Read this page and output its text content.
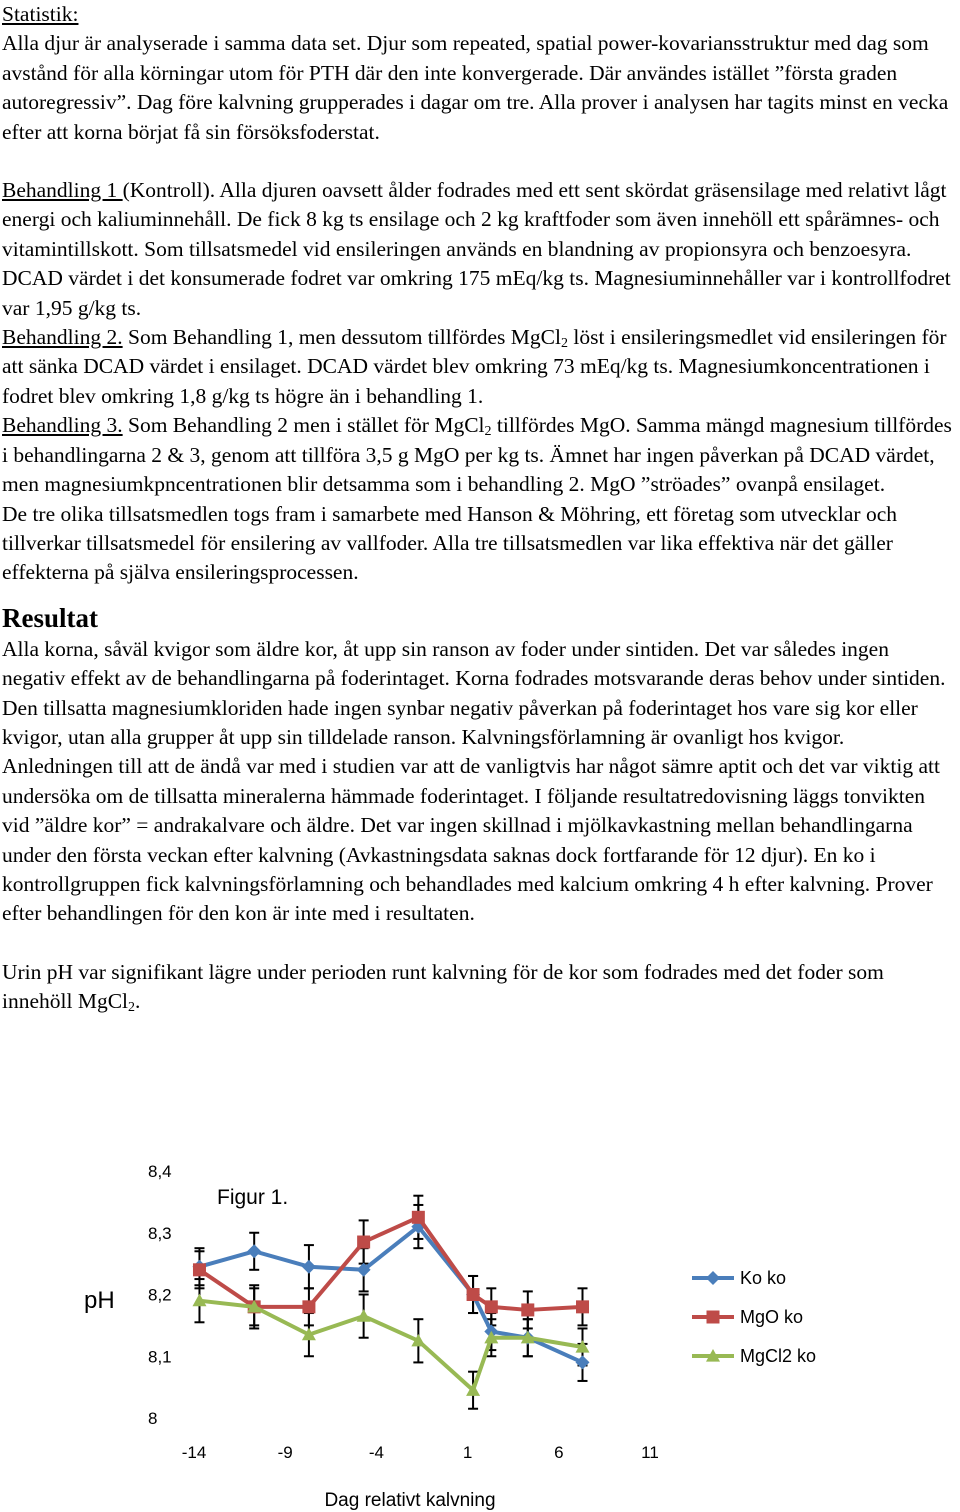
Statistik:
Alla djur är analyserade i samma data set. Djur som repeated, spatial power-kovariansstruktur med dag som avstånd för alla körningar utom för PTH där den inte konvergerade. Där användes istället ”första graden autoregressiv”. Dag före kalvning grupperades i dagar om tre. Alla prover i analysen har tagits minst en vecka efter att korna börjat få sin försöksfoderstat.

Behandling 1 (Kontroll). Alla djuren oavsett ålder fodrades med ett sent skördat gräsensilage med relativt lågt energi och kaliuminnehåll. De fick 8 kg ts ensilage och 2 kg kraftfoder som även innehöll ett spårämnes- och vitamintillskott. Som tillsatsmedel vid ensileringen används en blandning av propionsyra och benzoesyra. DCAD värdet i det konsumerade fodret var omkring 175 mEq/kg ts. Magnesiuminnehåller var i kontrollfodret var 1,95 g/kg ts.

Behandling 2. Som Behandling 1, men dessutom tillfördes MgCl$_2$ löst i ensileringsmedlet vid ensileringen för att sänka DCAD värdet i ensilaget. DCAD värdet blev omkring 73 mEq/kg ts. Magnesiumkoncentrationen i fodret blev omkring 1,8 g/kg ts högre än i behandling 1.

Behandling 3. Som Behandling 2 men i stället för MgCl$_2$ tillfördes MgO. Samma mängd magnesium tillfördes i behandlingarna 2 & 3, genom att tillföra 3,5 g MgO per kg ts. Ämnet har ingen påverkan på DCAD värdet, men magnesiumkpncentrationen blir detsamma som i behandling 2. MgO ”ströades” ovanpå ensilaget.

De tre olika tillsatsmedlen togs fram i samarbete med Hanson & Möhring, ett företag som utvecklar och tillverkar tillsatsmedel för ensilering av vallfoder. Alla tre tillsatsmedlen var lika effektiva när det gäller effekterna på själva ensileringsprocessen.

Resultat

Alla korna, såväl kvigor som äldre kor, åt upp sin ranson av foder under sintiden. Det var således ingen negativ effekt av de behandlingarna på foderintaget. Korna fodrades motsvarande deras behov under sintiden. Den tillsatta magnesiumkloriden hade ingen synbar negativ påverkan på foderintaget hos vare sig kor eller kvigor, utan alla grupper åt upp sin tilldelade ranson. Kalvningsförlamning är ovanligt hos kvigor. Anledningen till att de ändå var med i studien var att de vanligtvis har något sämre aptit och det var viktig att undersöka om de tillsatta mineralerna hämmade foderintaget. I följande resultatredovisning läggs tonvikten vid ”äldre kor” = andrakalvare och äldre. Det var ingen skillnad i mjölkavkastning mellan behandlingarna under den första veckan efter kalvning (Avkastningsdata saknas dock fortfarande för 12 djur). En ko i kontrollgruppen fick kalvningsförlamning och behandlades med kalcium omkring 4 h efter kalvning. Prover efter behandlingen för den kon är inte med i resultaten.

Urin pH var signifikant lägre under perioden runt kalvning för de kor som fodrades med det foder som innehöll MgCl$_2$.

8
8,1
8,2
8,3
8,4
-14	-9	-4	1	6	11
pH
Figur 1.
Dag relativt kalvning
Ko ko
MgO ko
MgCl2 ko
